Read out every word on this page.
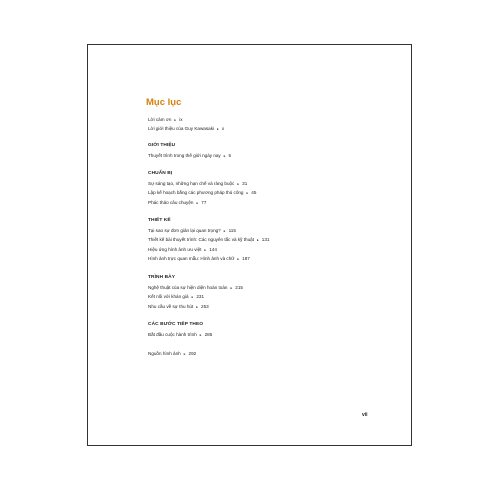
Mục lục
Lời cảm ơn ▸ ix
Lời giới thiệu của Guy Kawasaki ▸ x
GIỚI THIỆU
Thuyết trình trong thế giới ngày nay ▸ 5
CHUẨN BỊ
Sự sáng tạo, những hạn chế và ràng buộc ▸ 31
Lập kế hoạch bằng các phương pháp thủ công ▸ 45
Phác thảo câu chuyện ▸ 77
THIẾT KẾ
Tại sao sự đơn giản lại quan trọng? ▸ 115
Thiết kế bài thuyết trình: Các nguyên tắc và kỹ thuật ▸ 131
Hiệu ứng hình ảnh ưu việt ▸ 144
Hình ảnh trực quan mẫu: Hình ảnh và chữ ▸ 187
TRÌNH BÀY
Nghệ thuật của sự hiện diện hoàn toàn ▸ 215
Kết nối với khán giả ▸ 231
Nhu cầu về sự thu hút ▸ 253
CÁC BƯỚC TIẾP THEO
Bắt đầu cuộc hành trình ▸ 285
Nguồn hình ảnh ▸ 292
vii
